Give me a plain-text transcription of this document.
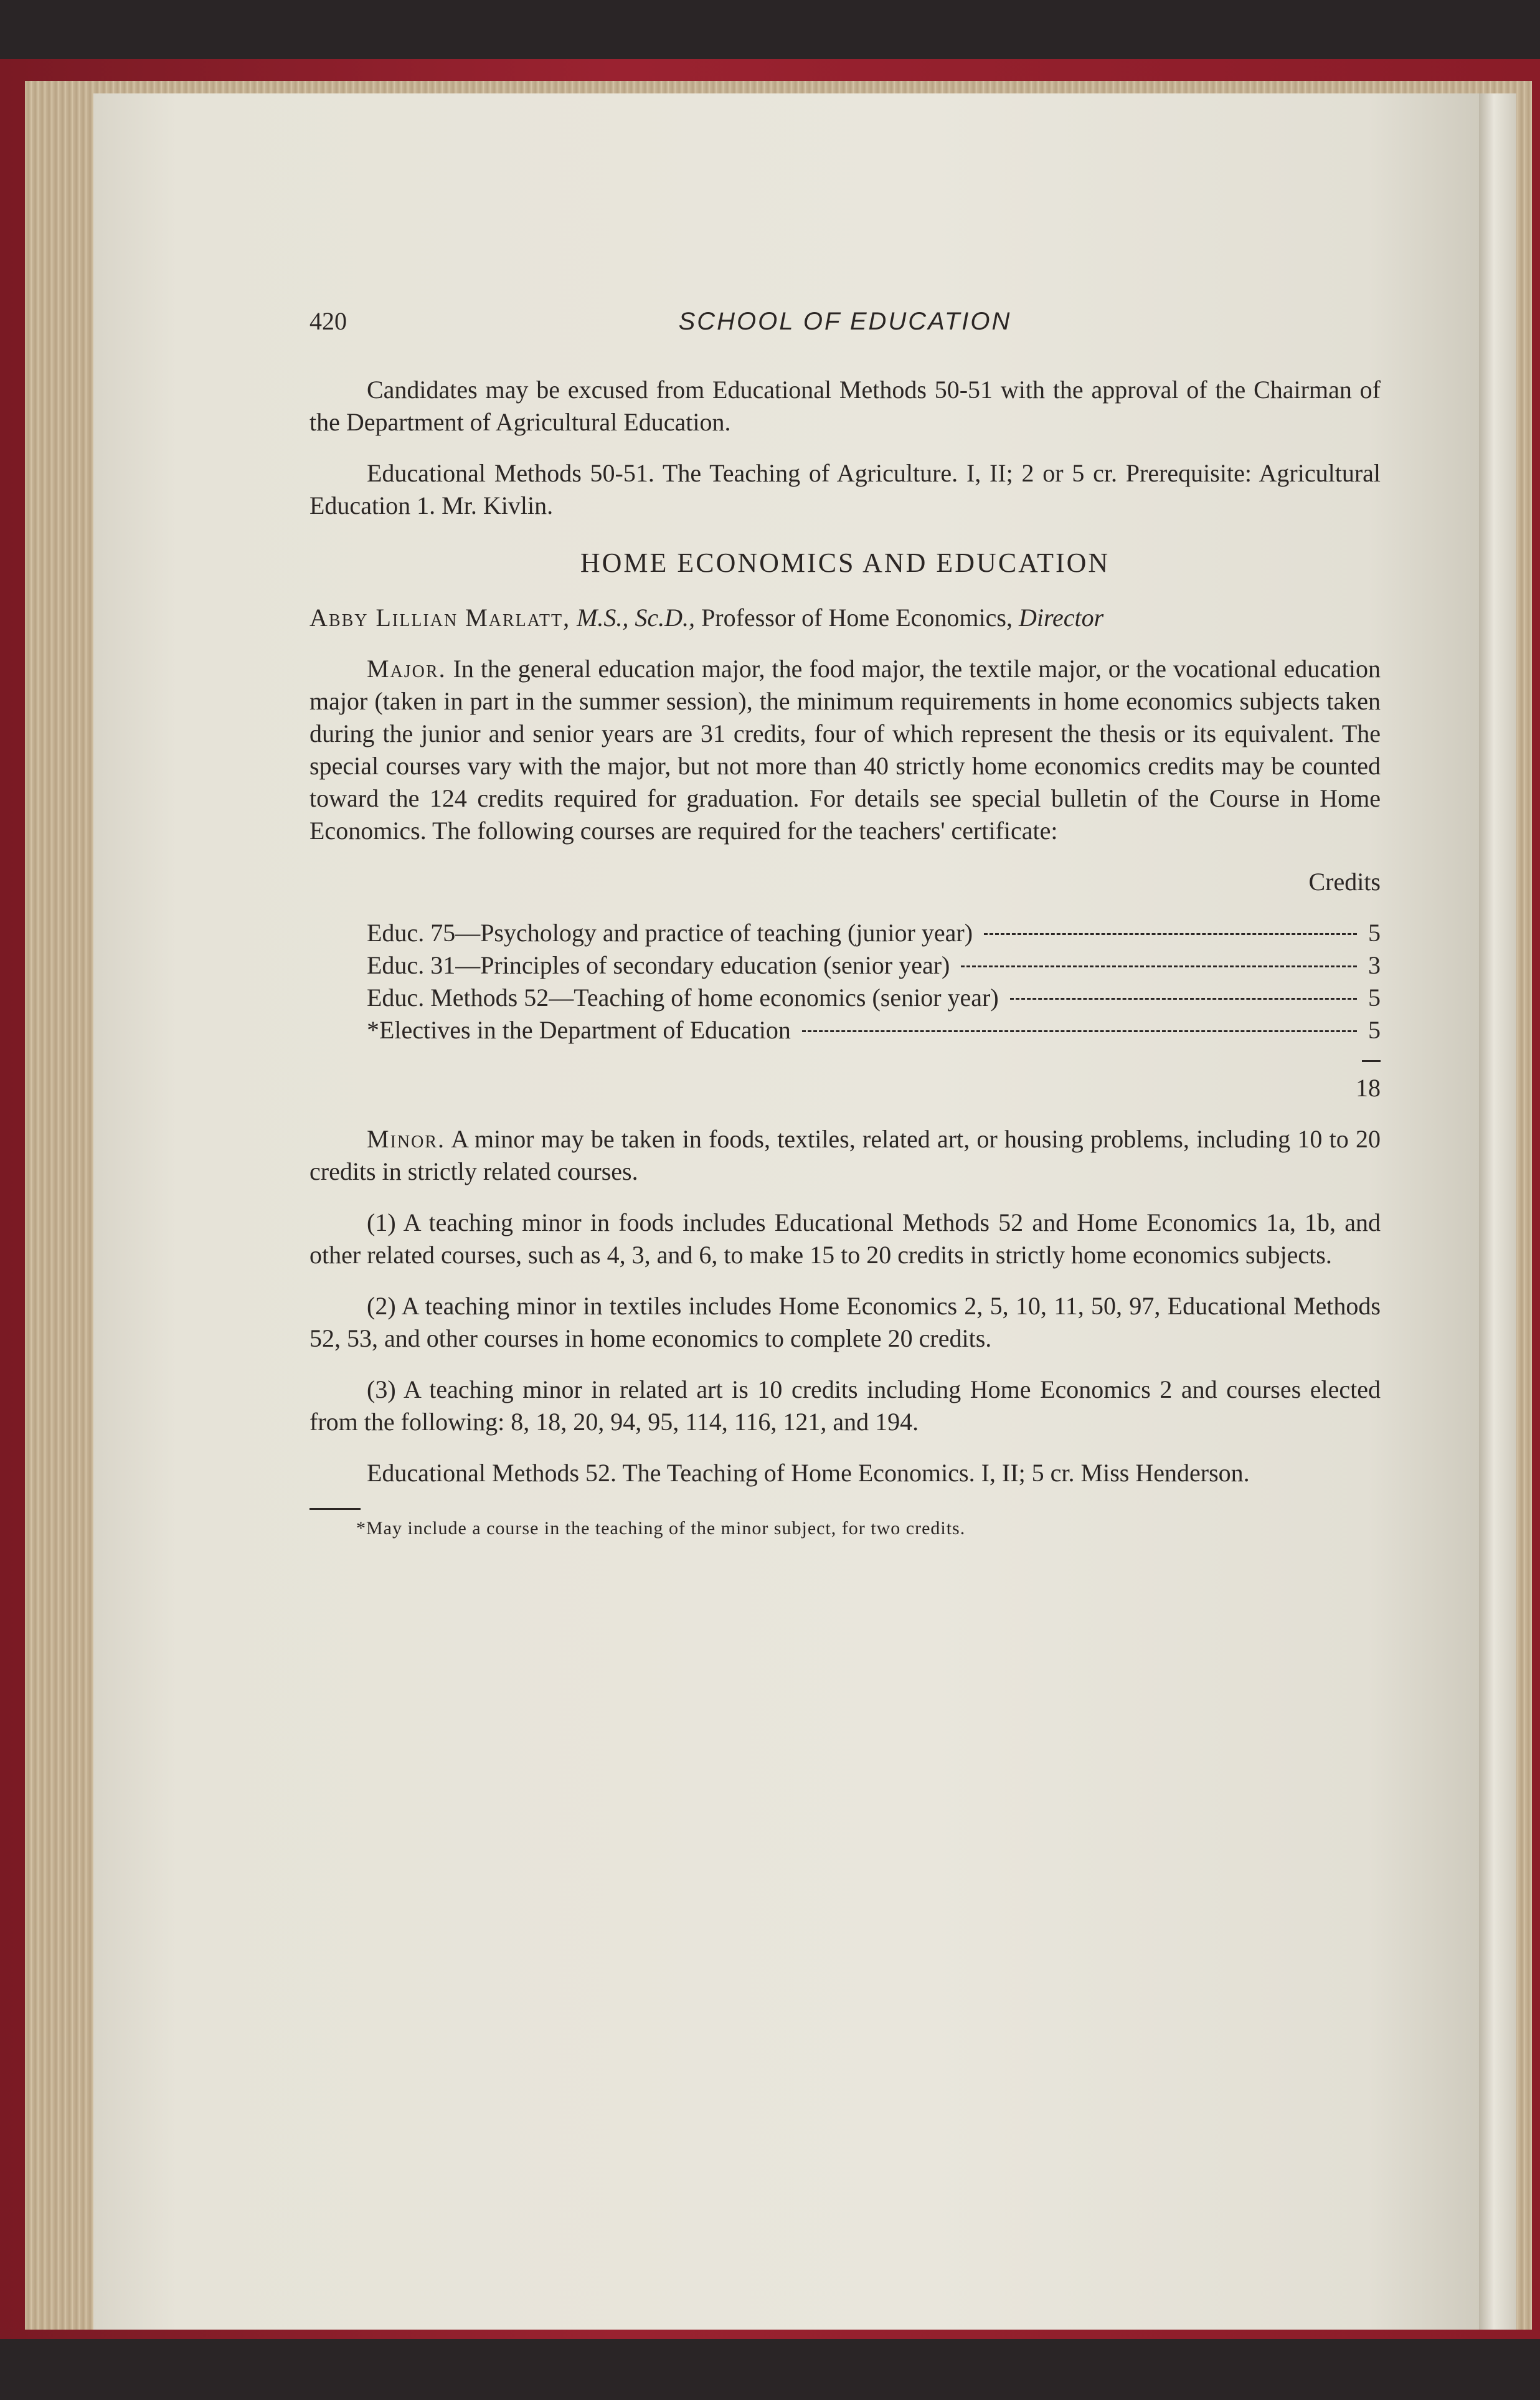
420	SCHOOL OF EDUCATION

Candidates may be excused from Educational Methods 50-51 with the approval of the Chairman of the Department of Agricultural Education.

Educational Methods 50-51. The Teaching of Agriculture. I, II; 2 or 5 cr. Prerequisite: Agricultural Education 1. Mr. Kivlin.

HOME ECONOMICS AND EDUCATION
Abby Lillian Marlatt, M.S., Sc.D., Professor of Home Economics, Director

Major. In the general education major, the food major, the textile major, or the vocational education major (taken in part in the summer session), the minimum requirements in home economics subjects taken during the junior and senior years are 31 credits, four of which represent the thesis or its equivalent. The special courses vary with the major, but not more than 40 strictly home economics credits may be counted toward the 124 credits required for graduation. For details see special bulletin of the Course in Home Economics. The following courses are required for the teachers' certificate:

Credits
Educ. 75—Psychology and practice of teaching (junior year)	5
Educ. 31—Principles of secondary education (senior year)	3
Educ. Methods 52—Teaching of home economics (senior year)	5
*Electives in the Department of Education	5
18

Minor. A minor may be taken in foods, textiles, related art, or housing problems, including 10 to 20 credits in strictly related courses.

(1) A teaching minor in foods includes Educational Methods 52 and Home Economics 1a, 1b, and other related courses, such as 4, 3, and 6, to make 15 to 20 credits in strictly home economics subjects.

(2) A teaching minor in textiles includes Home Economics 2, 5, 10, 11, 50, 97, Educational Methods 52, 53, and other courses in home economics to complete 20 credits.

(3) A teaching minor in related art is 10 credits including Home Economics 2 and courses elected from the following: 8, 18, 20, 94, 95, 114, 116, 121, and 194.

Educational Methods 52. The Teaching of Home Economics. I, II; 5 cr. Miss Henderson.

*May include a course in the teaching of the minor subject, for two credits.
